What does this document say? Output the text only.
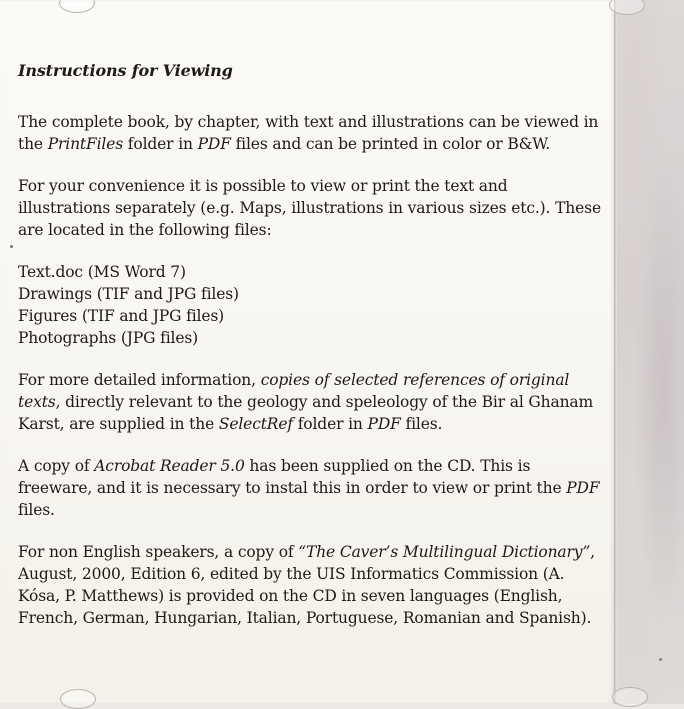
Instructions for Viewing

The complete book, by chapter, with text and illustrations can be viewed in the PrintFiles folder in PDF files and can be printed in color or B&W.

For your convenience it is possible to view or print the text and illustrations separately (e.g. Maps, illustrations in various sizes etc.). These are located in the following files:

Text.doc (MS Word 7)
Drawings (TIF and JPG files)
Figures (TIF and JPG files)
Photographs (JPG files)

For more detailed information, copies of selected references of original texts, directly relevant to the geology and speleology of the Bir al Ghanam Karst, are supplied in the SelectRef folder in PDF files.

A copy of Acrobat Reader 5.0 has been supplied on the CD. This is freeware, and it is necessary to instal this in order to view or print the PDF files.

For non English speakers, a copy of “The Caver’s Multilingual Dictionary”, August, 2000, Edition 6, edited by the UIS Informatics Commission (A. Kósa, P. Matthews) is provided on the CD in seven languages (English, French, German, Hungarian, Italian, Portuguese, Romanian and Spanish).
